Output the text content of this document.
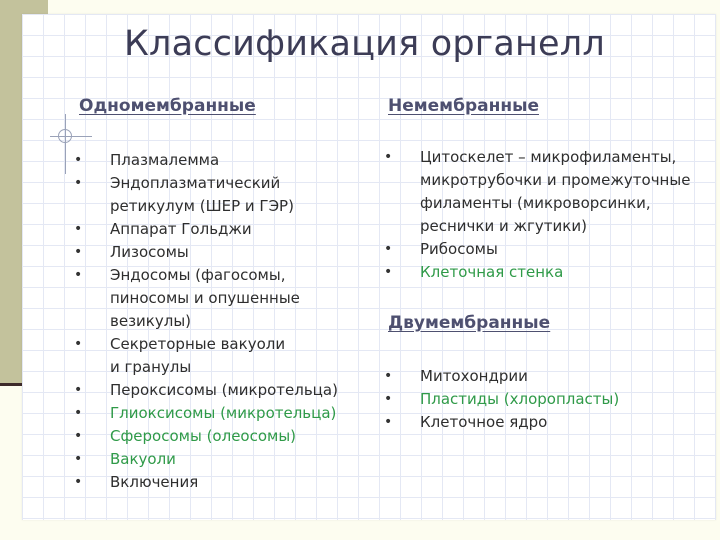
Классификация органелл
Одномембранные
• Плазмалемма
• Эндоплазматический
ретикулум (ШЕР и ГЭР)
• Аппарат Гольджи
• Лизосомы
• Эндосомы (фагосомы,
пиносомы и опушенные
везикулы)
• Секреторные вакуоли
и гранулы
• Пероксисомы (микротельца)
• Глиоксисомы (микротельца)
• Сферосомы (олеосомы)
• Вакуоли
• Включения
Немембранные
• Цитоскелет – микрофиламенты,
микротрубочки и промежуточные
филаменты (микроворсинки,
реснички и жгутики)
• Рибосомы
• Клеточная стенка
Двумембранные
• Митохондрии
• Пластиды (хлоропласты)
• Клеточное ядро
